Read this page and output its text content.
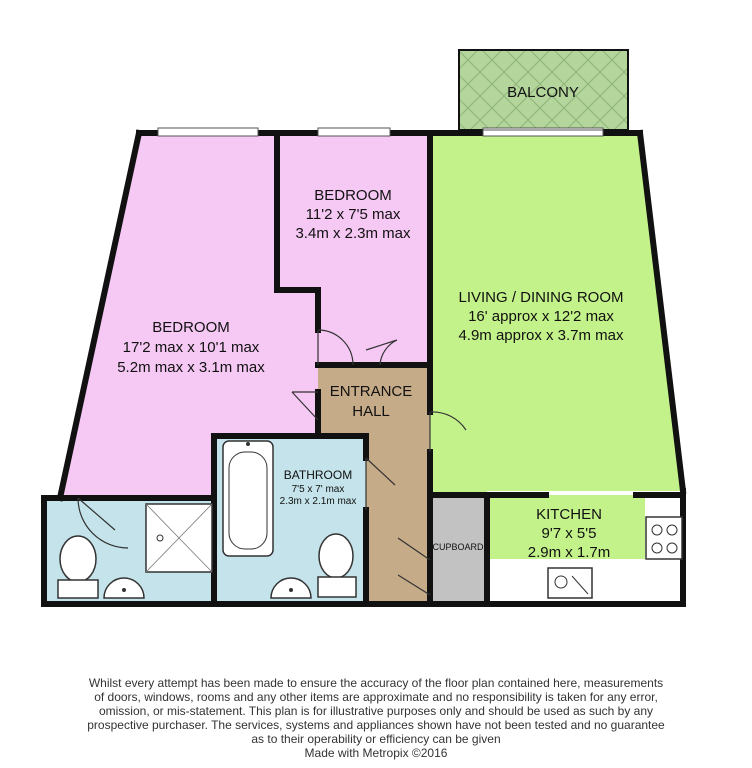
BALCONY
BEDROOM
11'2 x 7'5 max
3.4m x 2.3m max
BEDROOM
17'2 max x 10'1 max
5.2m max x 3.1m max
LIVING / DINING ROOM
16' approx x 12'2 max
4.9m approx x 3.7m max
ENTRANCE
HALL
BATHROOM
7'5 x 7' max
2.3m x 2.1m max
KITCHEN
9'7 x 5'5
2.9m x 1.7m
CUPBOARD
Whilst every attempt has been made to ensure the accuracy of the floor plan contained here, measurements
of doors, windows, rooms and any other items are approximate and no responsibility is taken for any error,
omission, or mis-statement. This plan is for illustrative purposes only and should be used as such by any
prospective purchaser. The services, systems and appliances shown have not been tested and no guarantee
as to their operability or efficiency can be given
Made with Metropix ©2016
